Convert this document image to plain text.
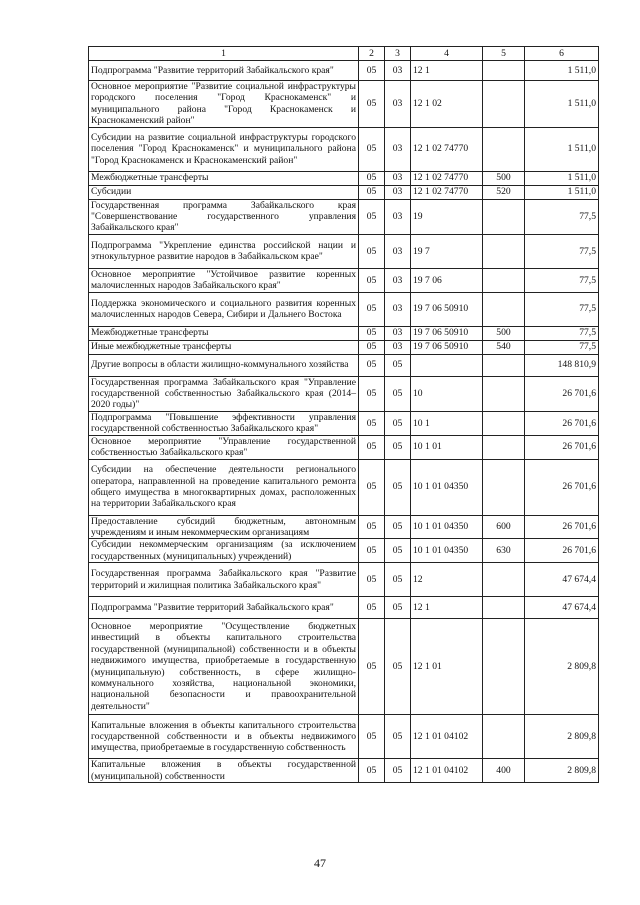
1	2	3	4	5	6
Подпрограмма "Развитие территорий Забайкальского края"	05	03	12 1		1 511,0
Основное мероприятие "Развитие социальной инфраструктуры городского поселения "Город Краснокаменск" и муниципального района "Город Краснокаменск и Краснокаменский район"	05	03	12 1 02		1 511,0
Субсидии на развитие социальной инфраструктуры городского поселения "Город Краснокаменск" и муниципального района "Город Краснокаменск и Краснокаменский район"	05	03	12 1 02 74770		1 511,0
Межбюджетные трансферты	05	03	12 1 02 74770	500	1 511,0
Субсидии	05	03	12 1 02 74770	520	1 511,0
Государственная программа Забайкальского края "Совершенствование государственного управления Забайкальского края"	05	03	19		77,5
Подпрограмма "Укрепление единства российской нации и этнокультурное развитие народов в Забайкальском крае"	05	03	19 7		77,5
Основное мероприятие "Устойчивое развитие коренных малочисленных народов Забайкальского края"	05	03	19 7 06		77,5
Поддержка экономического и социального развития коренных малочисленных народов Севера, Сибири и Дальнего Востока	05	03	19 7 06 50910		77,5
Межбюджетные трансферты	05	03	19 7 06 50910	500	77,5
Иные межбюджетные трансферты	05	03	19 7 06 50910	540	77,5
Другие вопросы в области жилищно-коммунального хозяйства	05	05			148 810,9
Государственная программа Забайкальского края "Управление государственной собственностью Забайкальского края (2014–2020 годы)"	05	05	10		26 701,6
Подпрограмма "Повышение эффективности управления государственной собственностью Забайкальского края"	05	05	10 1		26 701,6
Основное мероприятие "Управление государственной собственностью Забайкальского края"	05	05	10 1 01		26 701,6
Субсидии на обеспечение деятельности регионального оператора, направленной на проведение капитального ремонта общего имущества в многоквартирных домах, расположенных на территории Забайкальского края	05	05	10 1 01 04350		26 701,6
Предоставление субсидий бюджетным, автономным учреждениям и иным некоммерческим организациям	05	05	10 1 01 04350	600	26 701,6
Субсидии некоммерческим организациям (за исключением государственных (муниципальных) учреждений)	05	05	10 1 01 04350	630	26 701,6
Государственная программа Забайкальского края "Развитие территорий и жилищная политика Забайкальского края"	05	05	12		47 674,4
Подпрограмма "Развитие территорий Забайкальского края"	05	05	12 1		47 674,4
Основное мероприятие "Осуществление бюджетных инвестиций в объекты капитального строительства государственной (муниципальной) собственности и в объекты недвижимого имущества, приобретаемые в государственную (муниципальную) собственность, в сфере жилищно-коммунального хозяйства, национальной экономики, национальной безопасности и правоохранительной деятельности"	05	05	12 1 01		2 809,8
Капитальные вложения в объекты капитального строительства государственной собственности и в объекты недвижимого имущества, приобретаемые в государственную собственность	05	05	12 1 01 04102		2 809,8
Капитальные вложения в объекты государственной (муниципальной) собственности	05	05	12 1 01 04102	400	2 809,8
47
